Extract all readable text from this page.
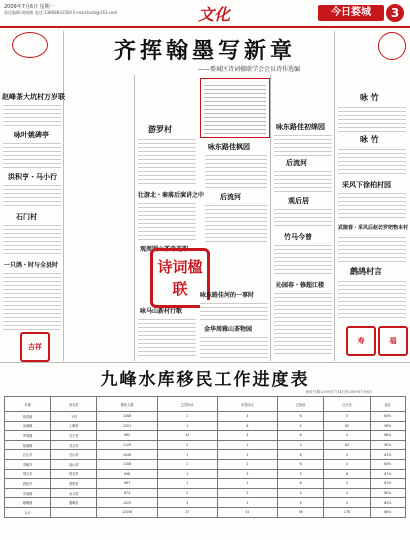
2009年7月6日 星期一
责任编辑:胡晓敏 电话:13808831500 E-mail:bsrb@163.com	文化	今日婺城	3
齐挥翰墨写新章
——婺城区诗词楹联学会会员诗作选编
赵峰茶大坑村万岁联
咏叶姚碑亭
洪积亨・马小行
石门村
一只鸽・时与全县时
吉祥
游罗村
壮游北・秦落后演讲之中
观周围山茶奇花即
咏马山新村行歌
诗词楹联
咏东路佳枫园
后流河
咏东路佳河的一事时
金华周雅山茶物园
咏东路佳初绵园
后流河
观后居
竹马今曾
沁园春・修超江楼
咏 竹
咏 竹
采风下徐柏村园
武陵春・采风后赵访罗吧物本村
鹧鸪村言
寿	福
九峰水库移民工作进度表
统计日期:2009年7月4日至2009年7月6日
乡镇	所在村	移民人数	已签协议	未签协议	已拆房	百分比	备注
蒋堂镇	下村	1268	1	4	6	3	84%
汤溪镇	上畈村	1201	1	8	4	62	98%
罗埠镇	后王村	982	14	4	6	4	86%
琅琊镇	龙头村	1129	2	1	3	84	90%
长山乡	长山村	1046	1	1	6	4	83%
莘畈乡	前山村	1108	1	2	6	4	84%
塔石乡	塔石村	948	1	3	5	6	87%
箬阳乡	箬阳村	987	1	1	6	3	81%
安地镇	岩头村	874	2	2	4	4	80%
雅畈镇	雅畈村	1025	3	1	5	4	85%
合计		12456	27	41	56	178	86%
